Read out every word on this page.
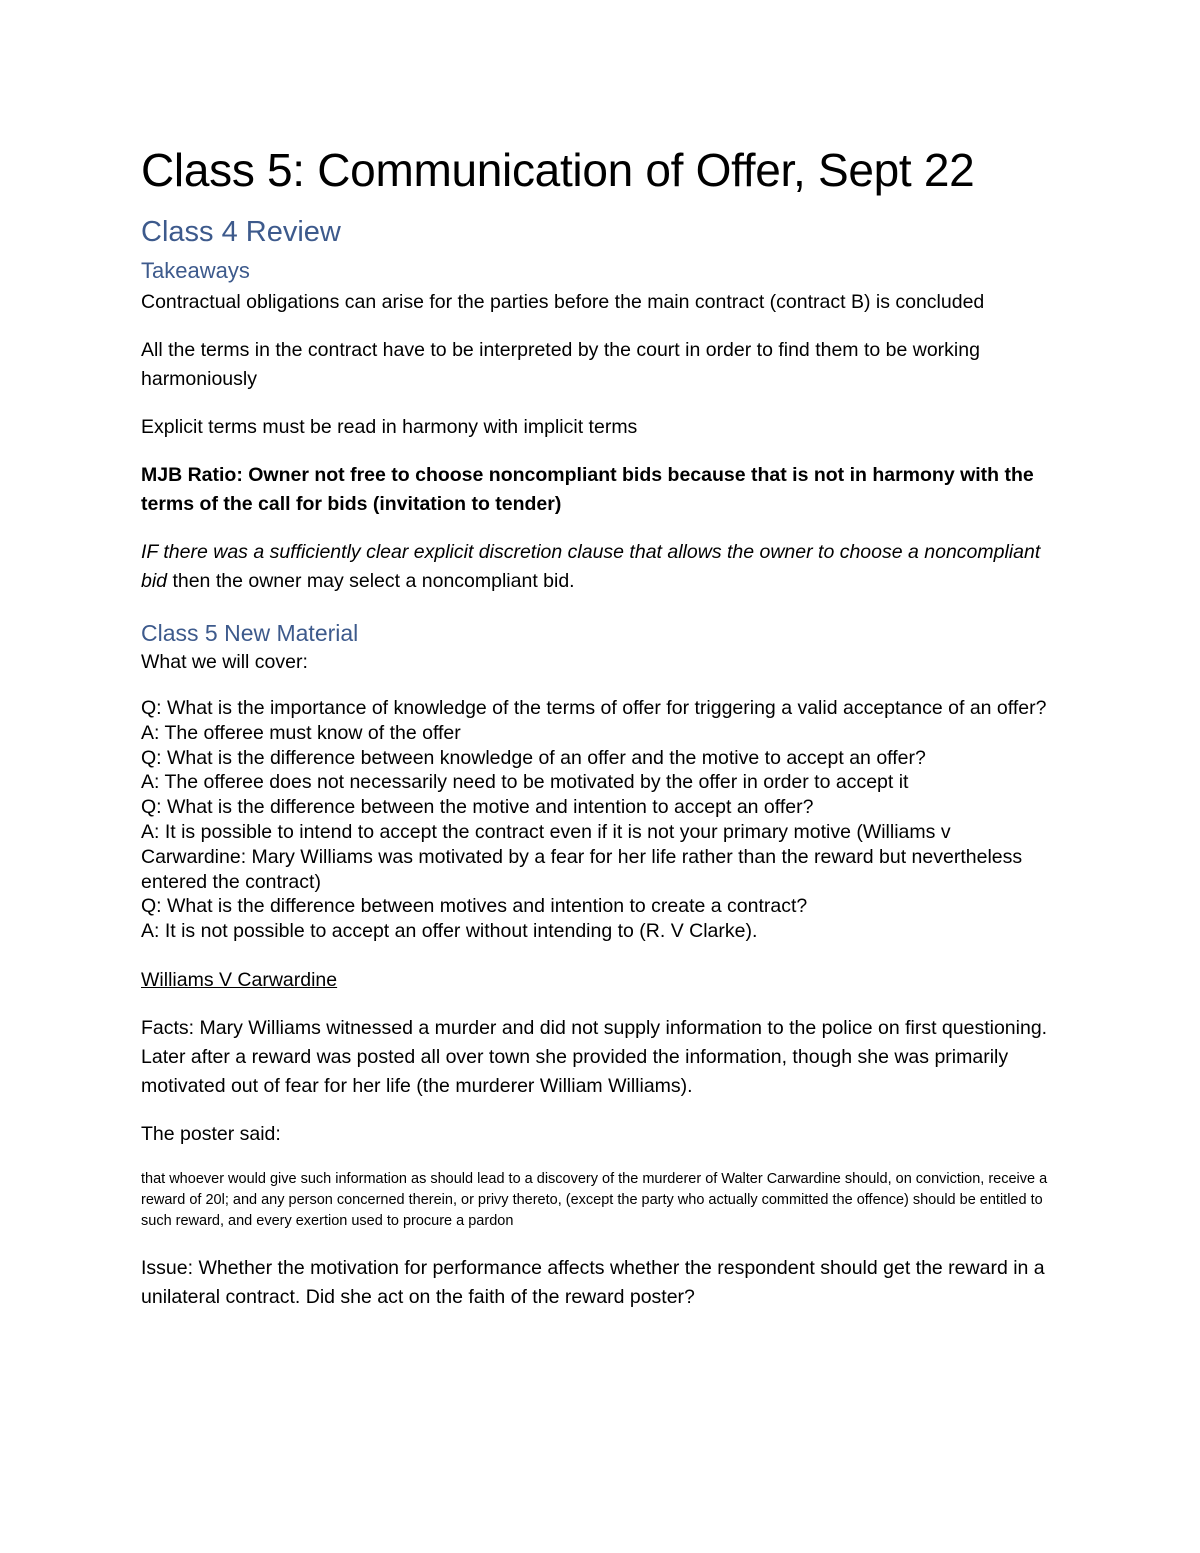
Class 5: Communication of Offer, Sept 22
Class 4 Review
Takeaways

Contractual obligations can arise for the parties before the main contract (contract B) is concluded

All the terms in the contract have to be interpreted by the court in order to find them to be working harmoniously

Explicit terms must be read in harmony with implicit terms

MJB Ratio: Owner not free to choose noncompliant bids because that is not in harmony with the terms of the call for bids (invitation to tender)

IF there was a sufficiently clear explicit discretion clause that allows the owner to choose a noncompliant bid then the owner may select a noncompliant bid.

Class 5 New Material

What we will cover:

Q: What is the importance of knowledge of the terms of offer for triggering a valid acceptance of an offer?

A: The offeree must know of the offer

Q: What is the difference between knowledge of an offer and the motive to accept an offer?

A: The offeree does not necessarily need to be motivated by the offer in order to accept it

Q: What is the difference between the motive and intention to accept an offer?

A: It is possible to intend to accept the contract even if it is not your primary motive (Williams v Carwardine: Mary Williams was motivated by a fear for her life rather than the reward but nevertheless entered the contract)

Q: What is the difference between motives and intention to create a contract?

A: It is not possible to accept an offer without intending to (R. V Clarke).

Williams V Carwardine

Facts: Mary Williams witnessed a murder and did not supply information to the police on first questioning. Later after a reward was posted all over town she provided the information, though she was primarily motivated out of fear for her life (the murderer William Williams).

The poster said:

that whoever would give such information as should lead to a discovery of the murderer of Walter Carwardine should, on conviction, receive a reward of 20l; and any person concerned therein, or privy thereto, (except the party who actually committed the offence) should be entitled to such reward, and every exertion used to procure a pardon

Issue: Whether the motivation for performance affects whether the respondent should get the reward in a unilateral contract. Did she act on the faith of the reward poster?
